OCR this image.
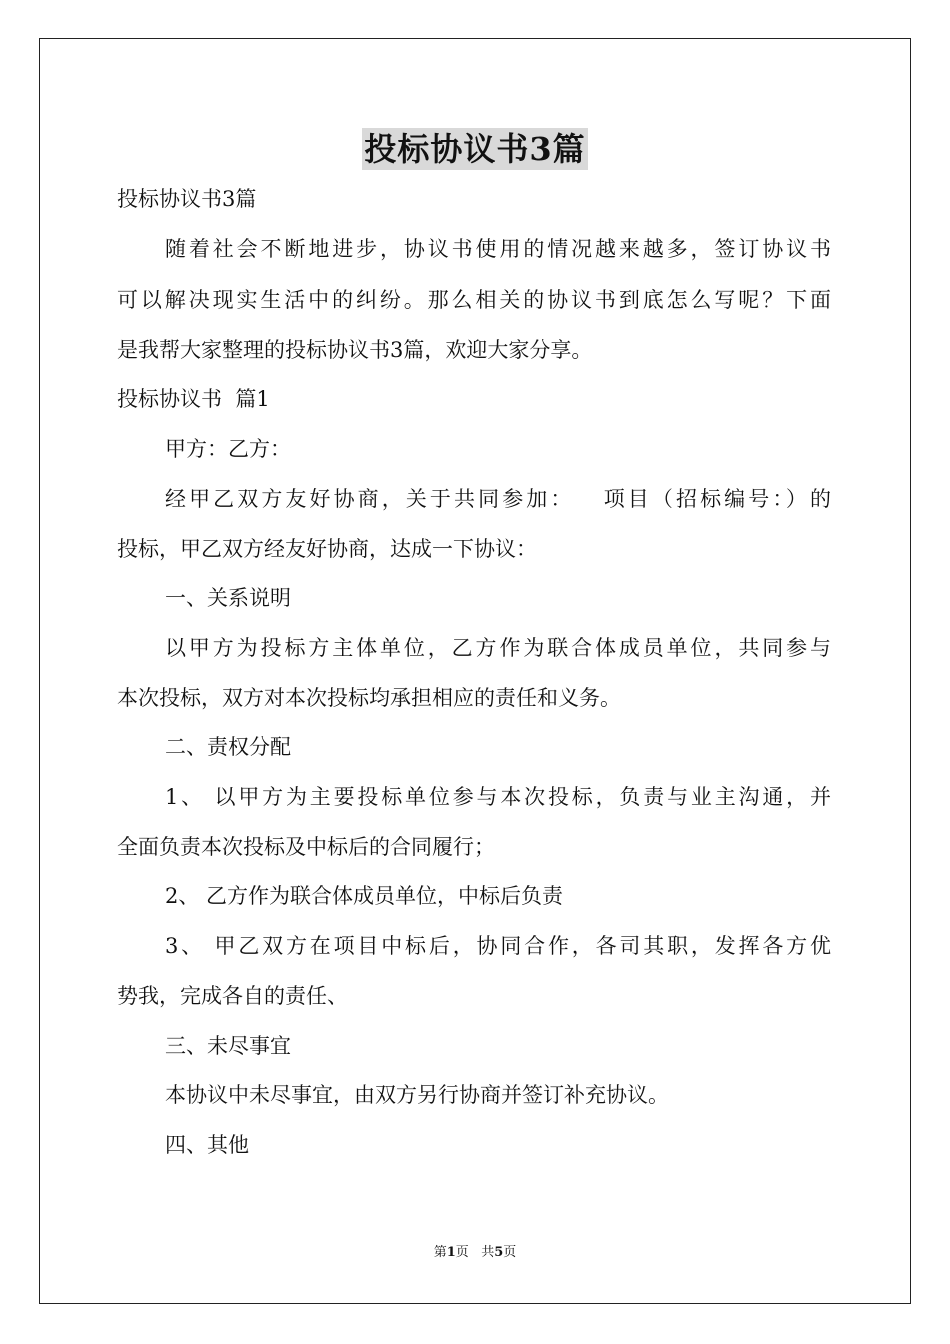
投标协议书3篇
投标协议书3篇
随着社会不断地进步，协议书使用的情况越来越多，签订协议书
可以解决现实生活中的纠纷。那么相关的协议书到底怎么写呢？下面
是我帮大家整理的投标协议书3篇，欢迎大家分享。
投标协议书  篇1
甲方：乙方：
经甲乙双方友好协商，关于共同参加：   项目（招标编号：）的
投标，甲乙双方经友好协商，达成一下协议：
一、关系说明
以甲方为投标方主体单位，乙方作为联合体成员单位，共同参与
本次投标，双方对本次投标均承担相应的责任和义务。
二、责权分配
1、 以甲方为主要投标单位参与本次投标，负责与业主沟通，并
全面负责本次投标及中标后的合同履行；
2、 乙方作为联合体成员单位，中标后负责
3、 甲乙双方在项目中标后，协同合作，各司其职，发挥各方优
势我，完成各自的责任、
三、未尽事宜
本协议中未尽事宜，由双方另行协商并签订补充协议。
四、其他
第1页 共5页
